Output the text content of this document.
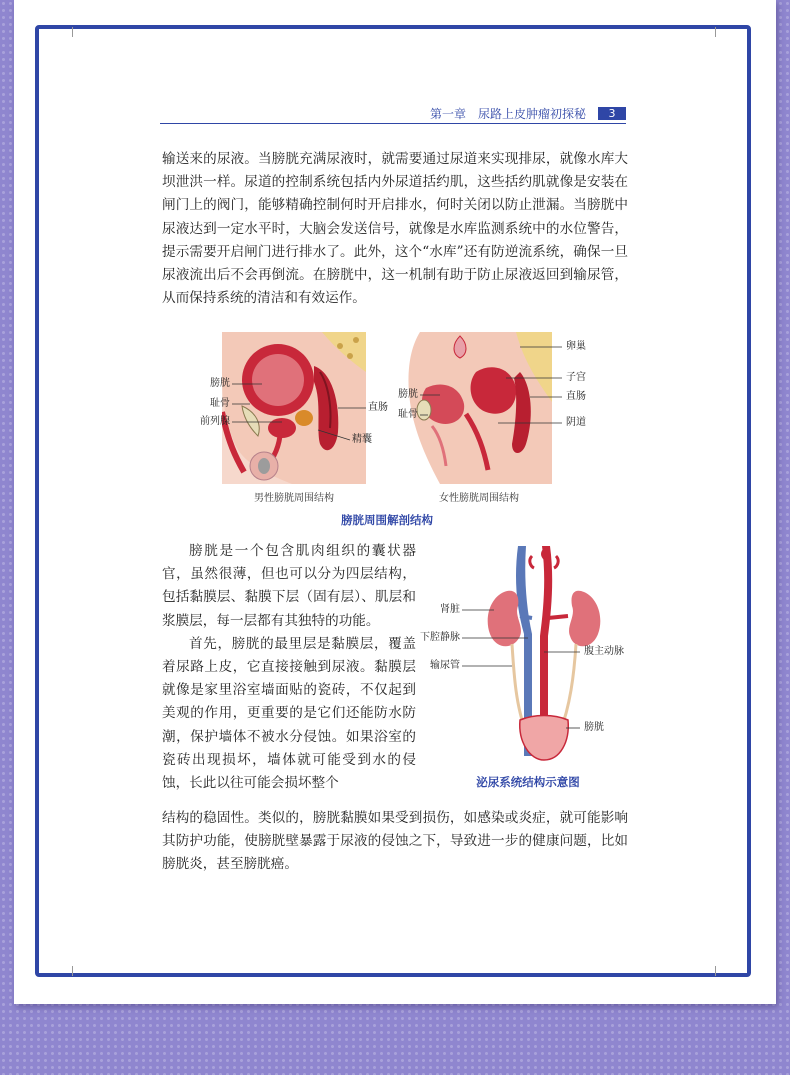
第一章　尿路上皮肿瘤初探秘	3

输送来的尿液。当膀胱充满尿液时，就需要通过尿道来实现排尿，就像水库大坝泄洪一样。尿道的控制系统包括内外尿道括约肌，这些括约肌就像是安装在闸门上的阀门，能够精确控制何时开启排水，何时关闭以防止泄漏。当膀胱中尿液达到一定水平时，大脑会发送信号，就像是水库监测系统中的水位警告，提示需要开启闸门进行排水了。此外，这个“水库”还有防逆流系统，确保一旦尿液流出后不会再倒流。在膀胱中，这一机制有助于防止尿液返回到输尿管，从而保持系统的清洁和有效运作。

膀胱
耻骨
前列腺
直肠
精囊
男性膀胱周围结构
膀胱
耻骨
卵巢
子宫
直肠
阴道
女性膀胱周围结构
膀胱周围解剖结构
膀胱是一个包含肌肉组织的囊状器官，虽然很薄，但也可以分为四层结构，包括黏膜层、黏膜下层（固有层）、肌层和浆膜层，每一层都有其独特的功能。
首先，膀胱的最里层是黏膜层，覆盖着尿路上皮，它直接接触到尿液。黏膜层就像是家里浴室墙面贴的瓷砖，不仅起到美观的作用，更重要的是它们还能防水防潮，保护墙体不被水分侵蚀。如果浴室的瓷砖出现损坏，墙体就可能受到水的侵蚀，长此以往可能会损坏整个
肾脏
下腔静脉
输尿管
腹主动脉
膀胱
泌尿系统结构示意图

结构的稳固性。类似的，膀胱黏膜如果受到损伤，如感染或炎症，就可能影响其防护功能，使膀胱壁暴露于尿液的侵蚀之下，导致进一步的健康问题，比如膀胱炎，甚至膀胱癌。
